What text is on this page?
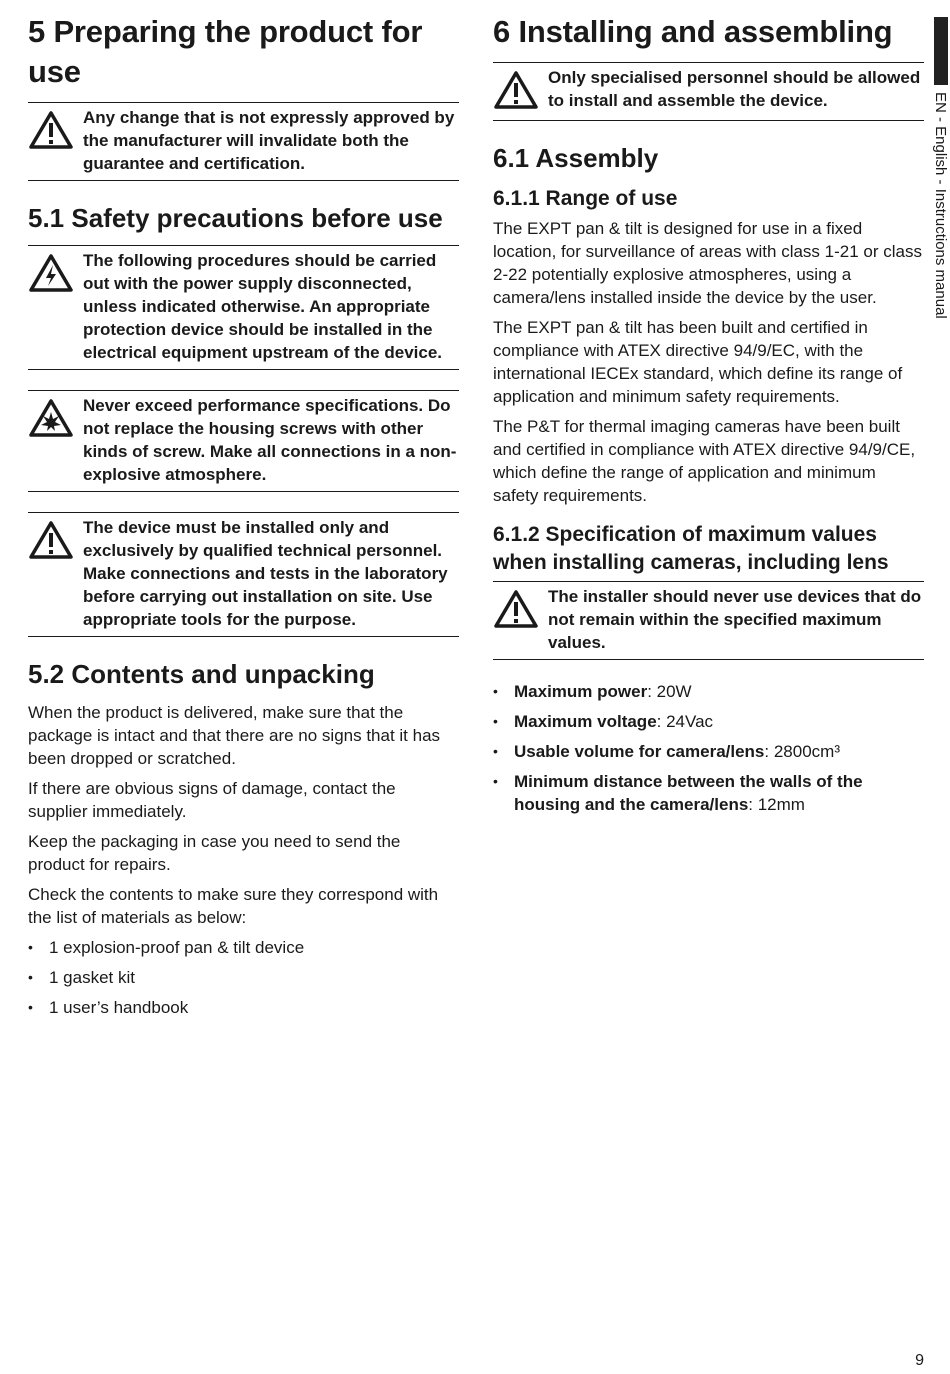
5 Preparing the product for use
Any change that is not expressly approved by the manufacturer will invalidate both the guarantee and certification.
5.1 Safety precautions before use
The following procedures should be carried out with the power supply disconnected, unless indicated otherwise. An appropriate protection device should be installed in the electrical equipment upstream of the device.
Never exceed performance specifications. Do not replace the housing screws with other kinds of screw. Make all connections in a non-explosive atmosphere.
The device must be installed only and exclusively by qualified technical personnel. Make connections and tests in the laboratory before carrying out installation on site. Use appropriate tools for the purpose.
5.2 Contents and unpacking

When the product is delivered, make sure that the package is intact and that there are no signs that it has been dropped or scratched.

If there are obvious signs of damage, contact the supplier immediately.

Keep the packaging in case you need to send the product for repairs.

Check the contents to make sure they correspond with the list of materials as below:

• 1 explosion-proof pan & tilt device
• 1 gasket kit
• 1 user’s handbook
6 Installing and assembling
Only specialised personnel should be allowed to install and assemble the device.
6.1 Assembly
6.1.1 Range of use

The EXPT pan & tilt is designed for use in a fixed location, for surveillance of areas with class 1-21 or class 2-22 potentially explosive atmospheres, using a camera/lens installed inside the device by the user.

The EXPT pan & tilt has been built and certified in compliance with ATEX directive 94/9/EC, with the international IECEx standard, which define its range of application and minimum safety requirements.

The P&T for thermal imaging cameras have been built and certified in compliance with ATEX directive 94/9/CE, which define the range of application and minimum safety requirements.

6.1.2 Specification of maximum values when installing cameras, including lens
The installer should never use devices that do not remain within the specified maximum values.
• Maximum power: 20W
• Maximum voltage: 24Vac
• Usable volume for camera/lens: 2800cm³
• Minimum distance between the walls of the housing and the camera/lens: 12mm
EN - English - Instructions manual
9
